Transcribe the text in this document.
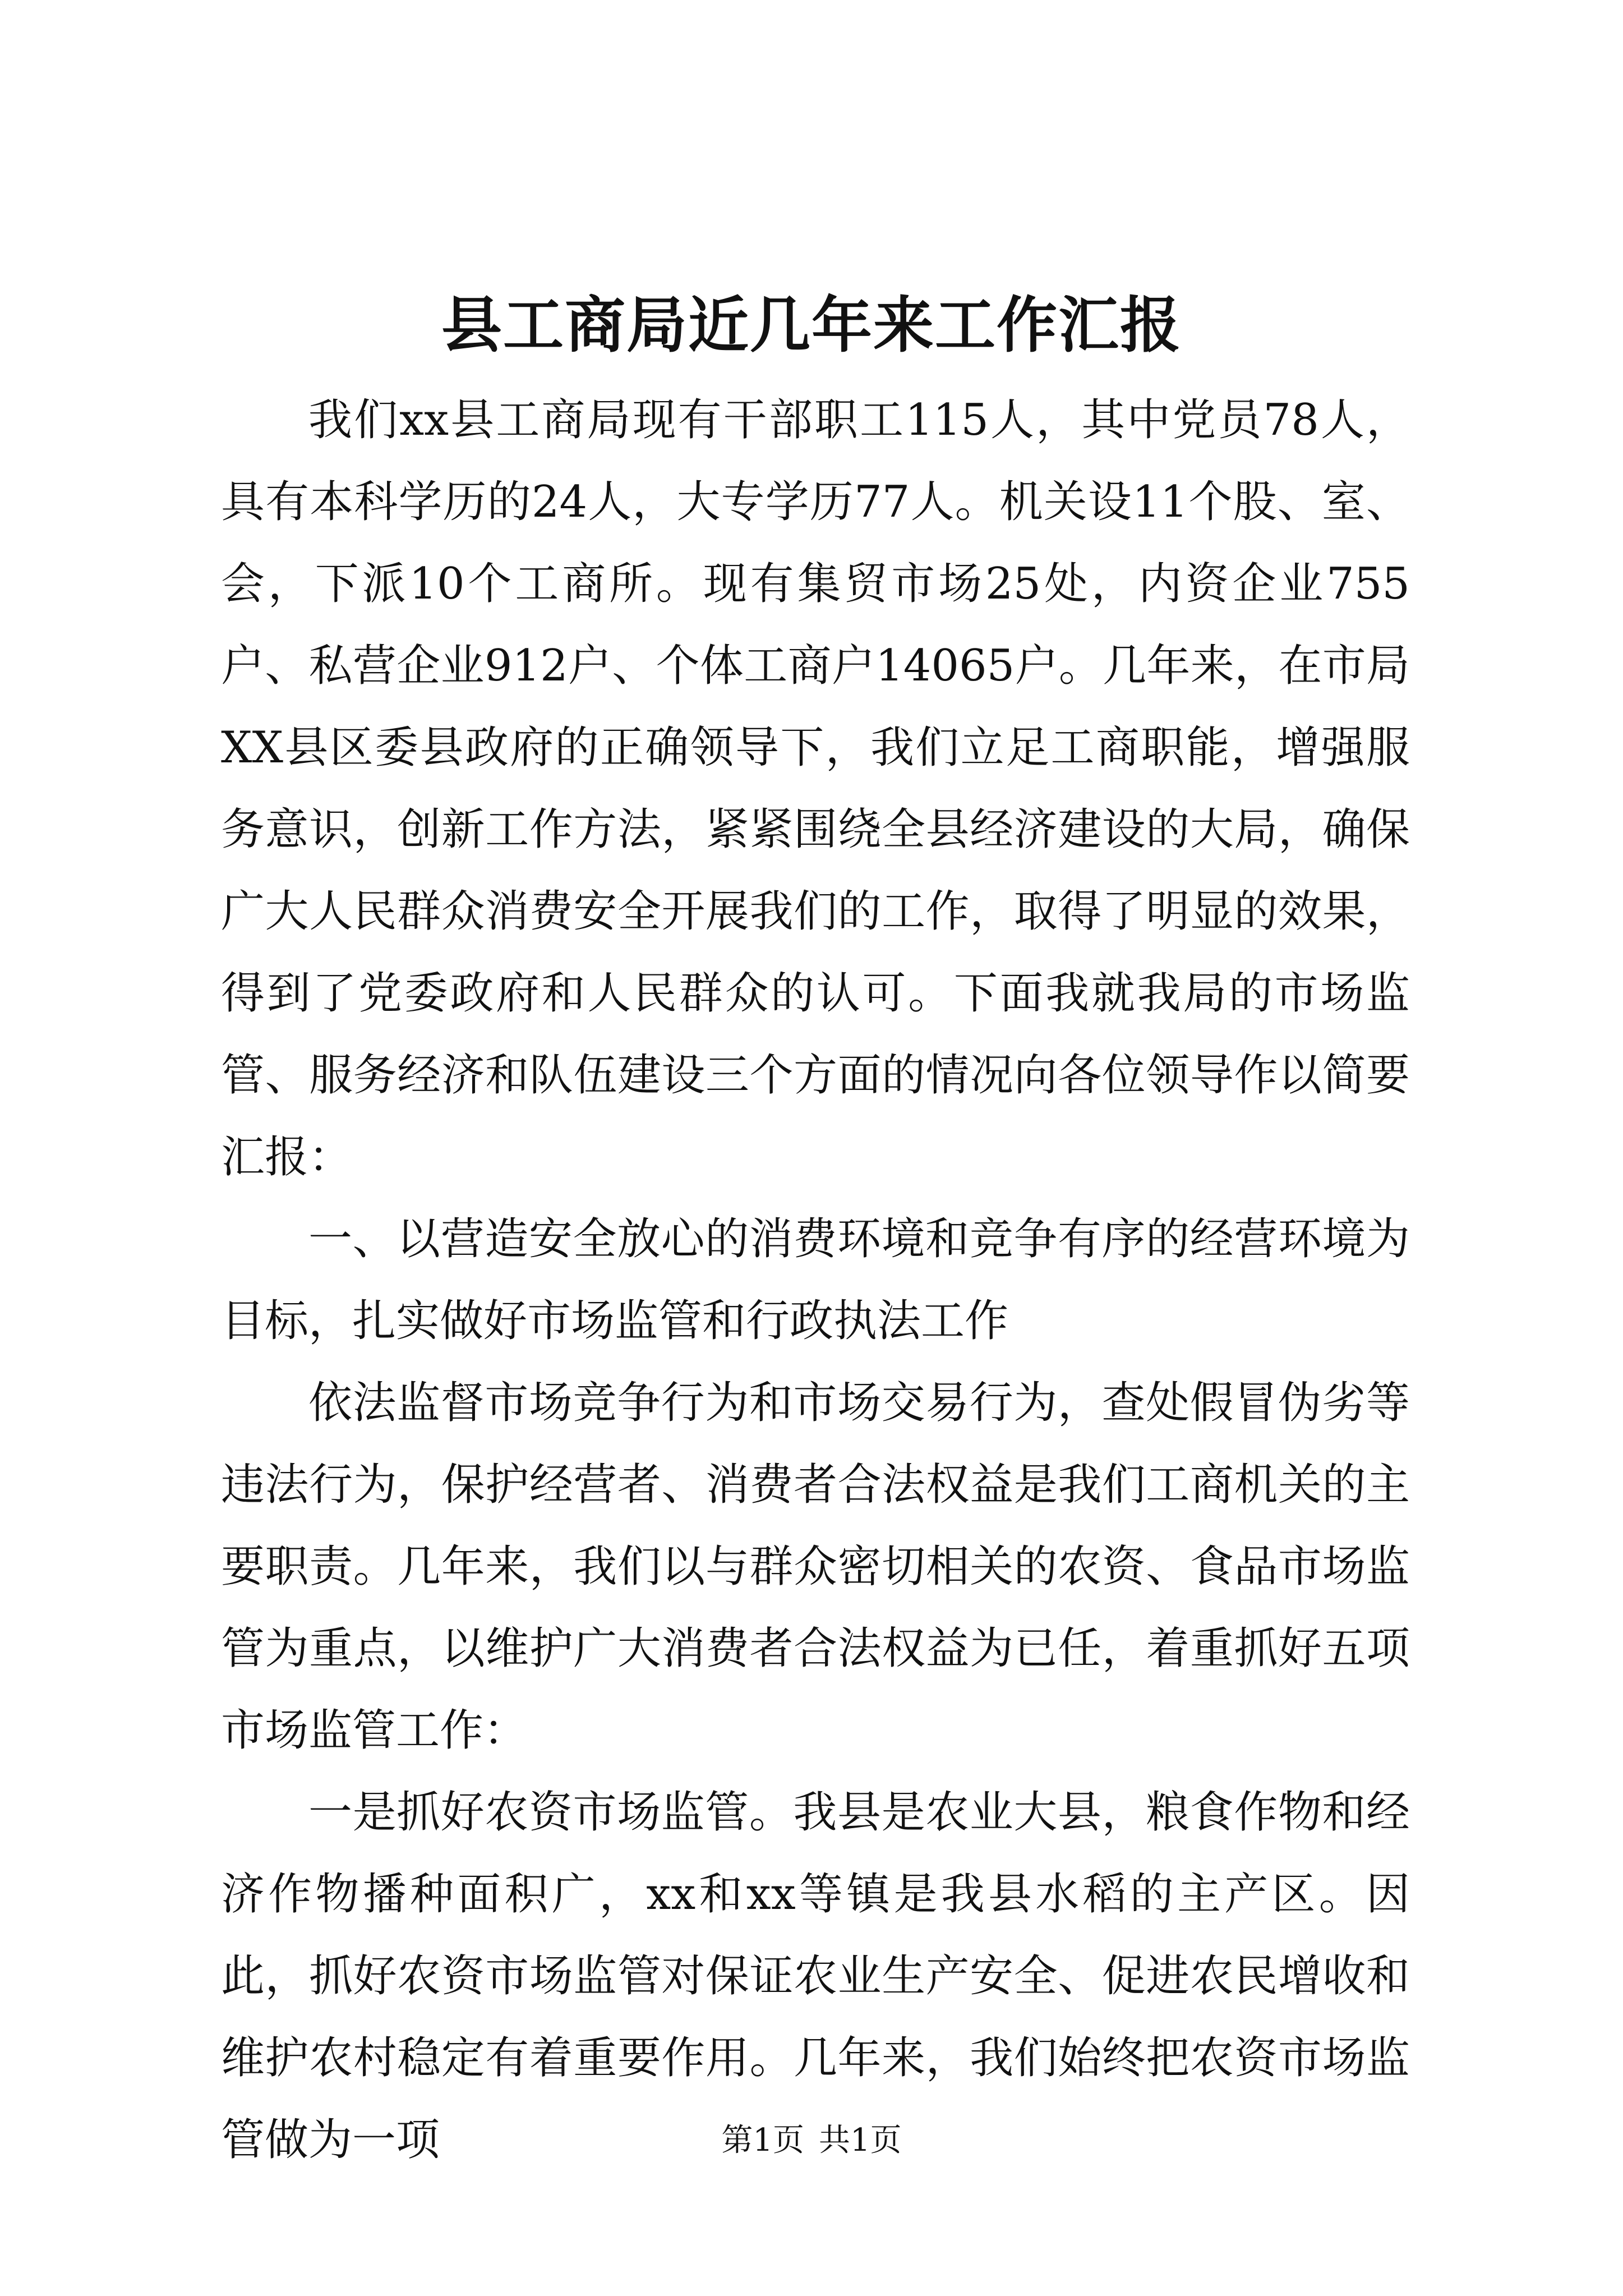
县工商局近几年来工作汇报

我们xx县工商局现有干部职工115人，其中党员78人，具有本科学历的24人，大专学历77人。机关设11个股、室、会，下派10个工商所。现有集贸市场25处，内资企业755户、私营企业912户、个体工商户14065户。几年来，在市局XX县区委县政府的正确领导下，我们立足工商职能，增强服务意识，创新工作方法，紧紧围绕全县经济建设的大局，确保广大人民群众消费安全开展我们的工作，取得了明显的效果，得到了党委政府和人民群众的认可。下面我就我局的市场监管、服务经济和队伍建设三个方面的情况向各位领导作以简要汇报：

一、以营造安全放心的消费环境和竞争有序的经营环境为目标，扎实做好市场监管和行政执法工作

依法监督市场竞争行为和市场交易行为，查处假冒伪劣等违法行为，保护经营者、消费者合法权益是我们工商机关的主要职责。几年来，我们以与群众密切相关的农资、食品市场监管为重点，以维护广大消费者合法权益为已任，着重抓好五项市场监管工作：

一是抓好农资市场监管。我县是农业大县，粮食作物和经济作物播种面积广，xx和xx等镇是我县水稻的主产区。因此，抓好农资市场监管对保证农业生产安全、促进农民增收和维护农村稳定有着重要作用。几年来，我们始终把农资市场监管做为一项	第1页 共1页
